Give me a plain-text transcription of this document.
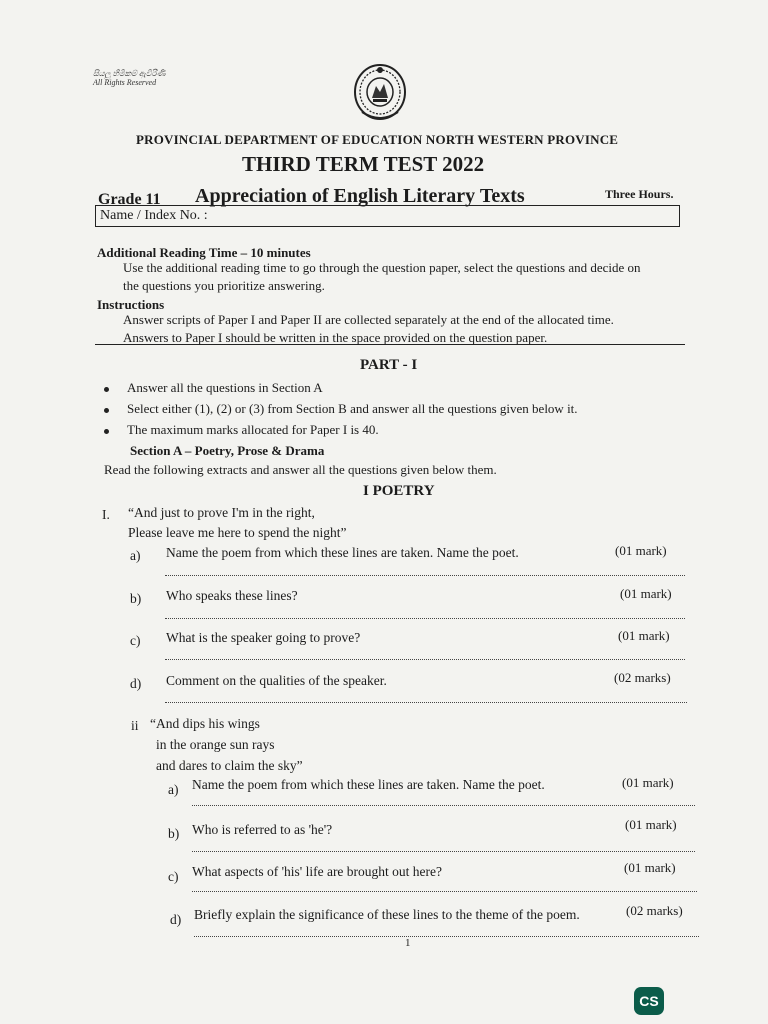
සියලු හිමිකම් ඇවිරිණි
All Rights Reserved
PROVINCIAL DEPARTMENT OF EDUCATION NORTH WESTERN PROVINCE
THIRD TERM TEST 2022
Grade 11 Appreciation of English Literary Texts	Three Hours.
Name / Index No. :
Additional Reading Time – 10 minutes
Use the additional reading time to go through the question paper, select the questions and decide on
the questions you prioritize answering.
Instructions
Answer scripts of Paper I and Paper II are collected separately at the end of the allocated time.
Answers to Paper I should be written in the space provided on the question paper.
PART - I
Answer all the questions in Section A
Select either (1), (2) or (3) from Section B and answer all the questions given below it.
The maximum marks allocated for Paper I is 40.
Section A – Poetry, Prose & Drama
Read the following extracts and answer all the questions given below them.
I POETRY
I. “And just to prove I'm in the right,
Please leave me here to spend the night”
a) Name the poem from which these lines are taken. Name the poet.	(01 mark)
b) Who speaks these lines?	(01 mark)
c) What is the speaker going to prove?	(01 mark)
d) Comment on the qualities of the speaker.	(02 marks)
ii “And dips his wings
in the orange sun rays
and dares to claim the sky”
a) Name the poem from which these lines are taken. Name the poet.	(01 mark)
b) Who is referred to as 'he'?	(01 mark)
c) What aspects of 'his' life are brought out here?	(01 mark)
d) Briefly explain the significance of these lines to the theme of the poem.	(02 marks)
1
CS
